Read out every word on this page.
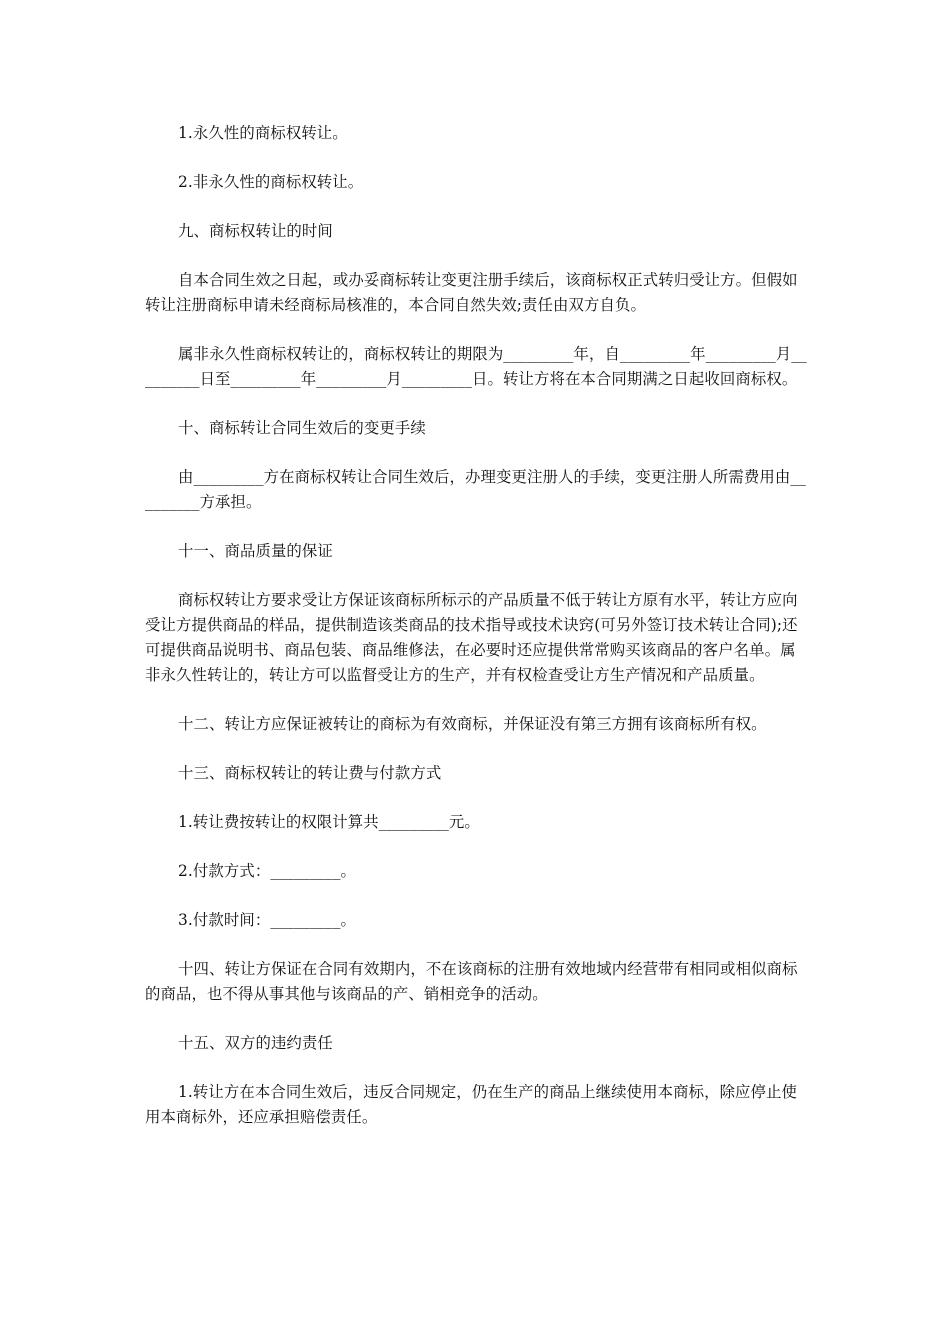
1.永久性的商标权转让。

2.非永久性的商标权转让。

九、商标权转让的时间

自本合同生效之日起，或办妥商标转让变更注册手续后，该商标权正式转归受让方。但假如转让注册商标申请未经商标局核准的，本合同自然失效;责任由双方自负。

属非永久性商标权转让的，商标权转让的期限为_________年，自_________年_________月_________日至_________年_________月_________日。转让方将在本合同期满之日起收回商标权。

十、商标转让合同生效后的变更手续

由_________方在商标权转让合同生效后，办理变更注册人的手续，变更注册人所需费用由_________方承担。

十一、商品质量的保证

商标权转让方要求受让方保证该商标所标示的产品质量不低于转让方原有水平，转让方应向受让方提供商品的样品，提供制造该类商品的技术指导或技术诀窍(可另外签订技术转让合同);还可提供商品说明书、商品包装、商品维修法，在必要时还应提供常常购买该商品的客户名单。属非永久性转让的，转让方可以监督受让方的生产，并有权检查受让方生产情况和产品质量。

十二、转让方应保证被转让的商标为有效商标，并保证没有第三方拥有该商标所有权。

十三、商标权转让的转让费与付款方式

1.转让费按转让的权限计算共_________元。

2.付款方式：_________。

3.付款时间：_________。

十四、转让方保证在合同有效期内，不在该商标的注册有效地域内经营带有相同或相似商标的商品，也不得从事其他与该商品的产、销相竞争的活动。

十五、双方的违约责任

1.转让方在本合同生效后，违反合同规定，仍在生产的商品上继续使用本商标，除应停止使用本商标外，还应承担赔偿责任。
